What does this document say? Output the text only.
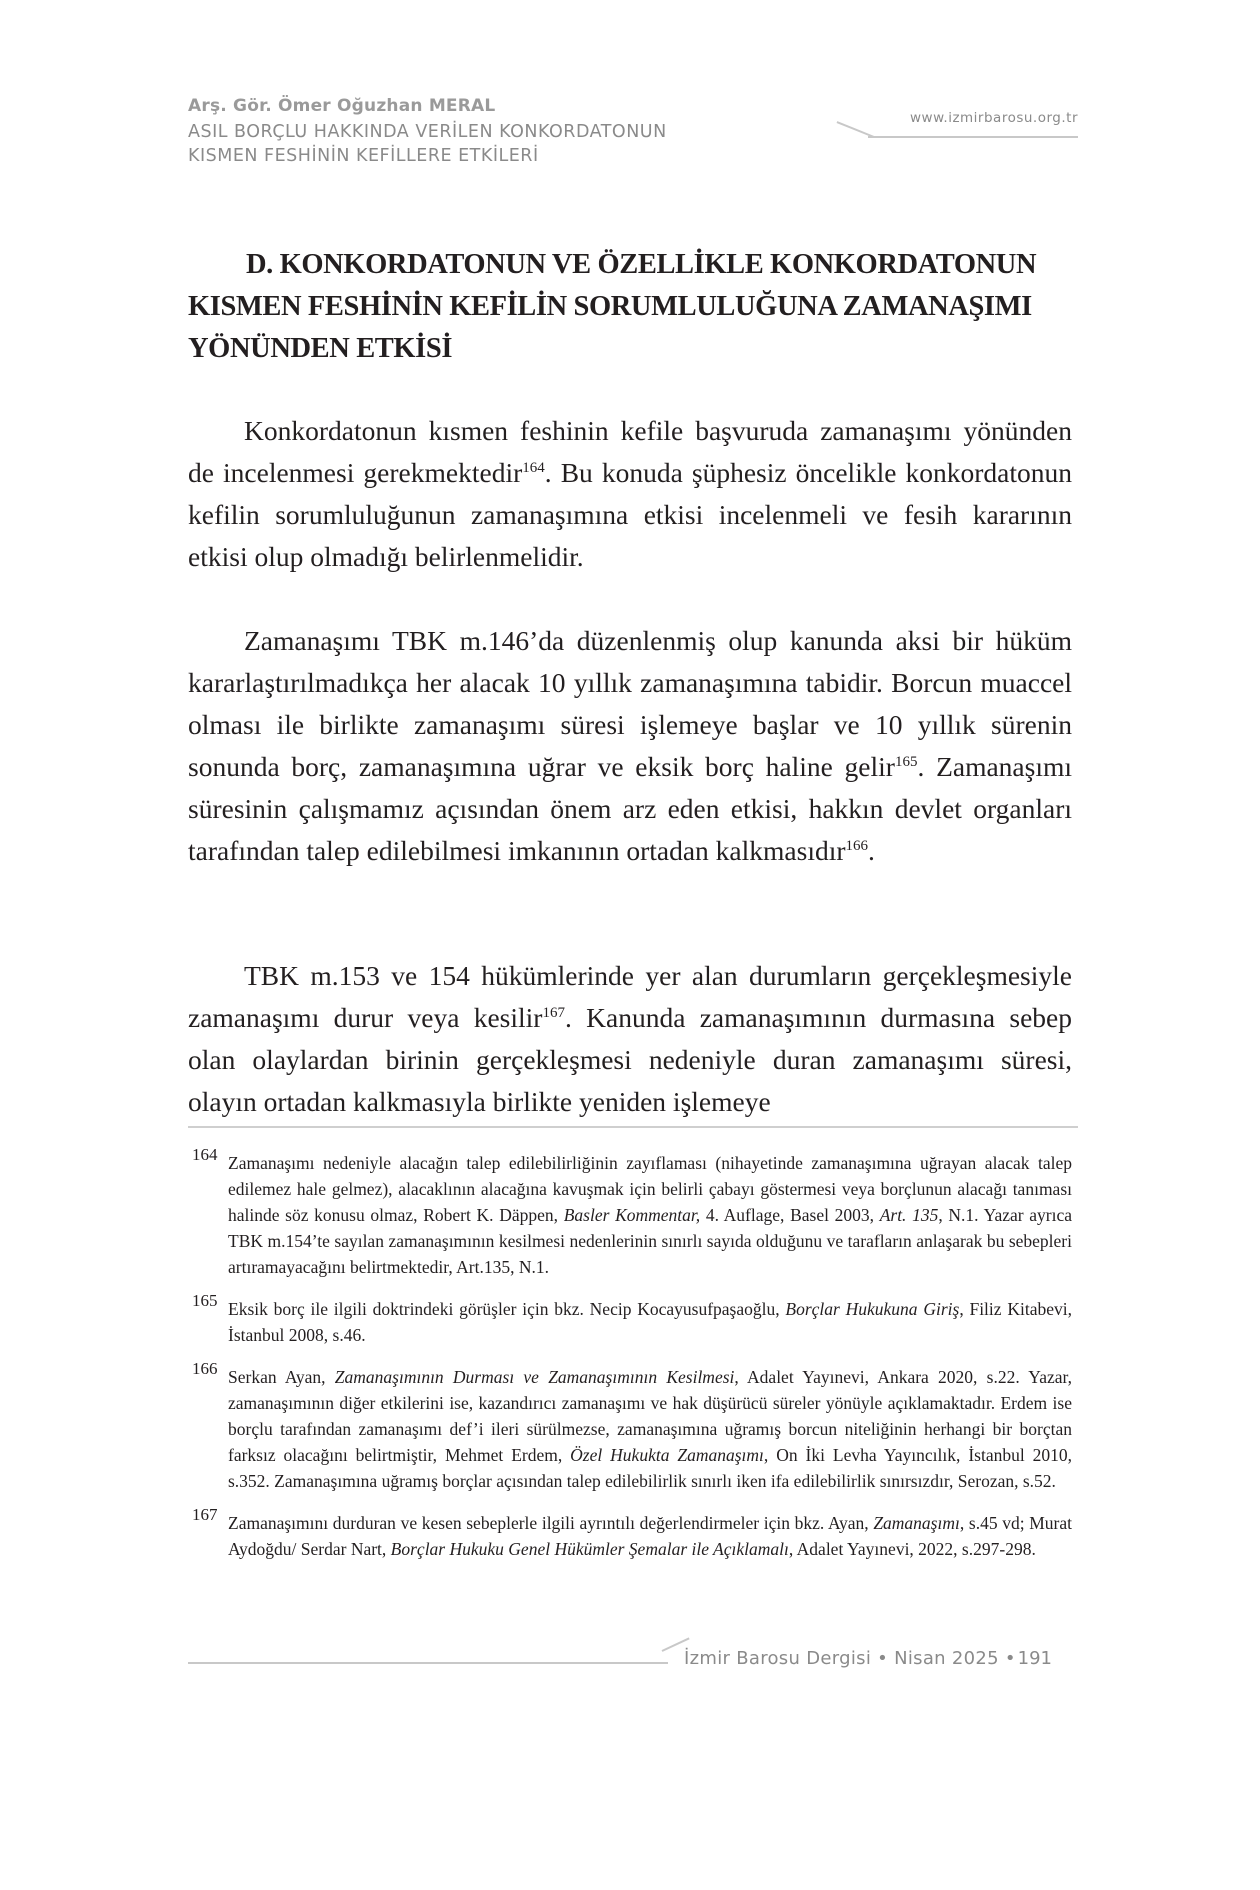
Arş. Gör. Ömer Oğuzhan MERAL
ASIL BORÇLU HAKKINDA VERİLEN KONKORDATONUN
KISMEN FESHİNİN KEFİLLERE ETKİLERİ
www.izmirbarosu.org.tr
D. KONKORDATONUN VE ÖZELLİKLE KONKORDATONUN
KISMEN FESHİNİN KEFİLİN SORUMLULUĞUNA ZAMANAŞIMI
YÖNÜNDEN ETKİSİ

Konkordatonun kısmen feshinin kefile başvuruda zamanaşımı yönünden de incelenmesi gerekmektedir$^{164}$. Bu konuda şüphesiz öncelikle konkordatonun kefilin sorumluluğunun zamanaşımına etkisi incelenmeli ve fesih kararının etkisi olup olmadığı belirlenmelidir.

Zamanaşımı TBK m.146’da düzenlenmiş olup kanunda aksi bir hüküm kararlaştırılmadıkça her alacak 10 yıllık zamanaşımına tabidir. Borcun muaccel olması ile birlikte zamanaşımı süresi işlemeye başlar ve 10 yıllık sürenin sonunda borç, zamanaşımına uğrar ve eksik borç haline gelir$^{165}$. Zamanaşımı süresinin çalışmamız açısından önem arz eden etkisi, hakkın devlet organları tarafından talep edilebilmesi imkanının ortadan kalkmasıdır$^{166}$.

TBK m.153 ve 154 hükümlerinde yer alan durumların gerçekleşmesiyle zamanaşımı durur veya kesilir$^{167}$. Kanunda zamanaşımının durmasına sebep olan olaylardan birinin gerçekleşmesi nedeniyle duran zamanaşımı süresi, olayın ortadan kalkmasıyla birlikte yeniden işlemeye

164 Zamanaşımı nedeniyle alacağın talep edilebilirliğinin zayıflaması (nihayetinde zamanaşımına uğrayan alacak talep edilemez hale gelmez), alacaklının alacağına kavuşmak için belirli çabayı göstermesi veya borçlunun alacağı tanıması halinde söz konusu olmaz, Robert K. Däppen, Basler Kommentar, 4. Auflage, Basel 2003, Art. 135, N.1. Yazar ayrıca TBK m.154’te sayılan zamanaşımının kesilmesi nedenlerinin sınırlı sayıda olduğunu ve tarafların anlaşarak bu sebepleri artıramayacağını belirtmektedir, Art.135, N.1.
165 Eksik borç ile ilgili doktrindeki görüşler için bkz. Necip Kocayusufpaşaoğlu, Borçlar Hukukuna Giriş, Filiz Kitabevi, İstanbul 2008, s.46.
166 Serkan Ayan, Zamanaşımının Durması ve Zamanaşımının Kesilmesi, Adalet Yayınevi, Ankara 2020, s.22. Yazar, zamanaşımının diğer etkilerini ise, kazandırıcı zamanaşımı ve hak düşürücü süreler yönüyle açıklamaktadır. Erdem ise borçlu tarafından zamanaşımı def’i ileri sürülmezse, zamanaşımına uğramış borcun niteliğinin herhangi bir borçtan farksız olacağını belirtmiştir, Mehmet Erdem, Özel Hukukta Zamanaşımı, On İki Levha Yayıncılık, İstanbul 2010, s.352. Zamanaşımına uğramış borçlar açısından talep edilebilirlik sınırlı iken ifa edilebilirlik sınırsızdır, Serozan, s.52.
167 Zamanaşımını durduran ve kesen sebeplerle ilgili ayrıntılı değerlendirmeler için bkz. Ayan, Zamanaşımı, s.45 vd; Murat Aydoğdu/ Serdar Nart, Borçlar Hukuku Genel Hükümler Şemalar ile Açıklamalı, Adalet Yayınevi, 2022, s.297-298.
İzmir Barosu Dergisi • Nisan 2025 • 191
